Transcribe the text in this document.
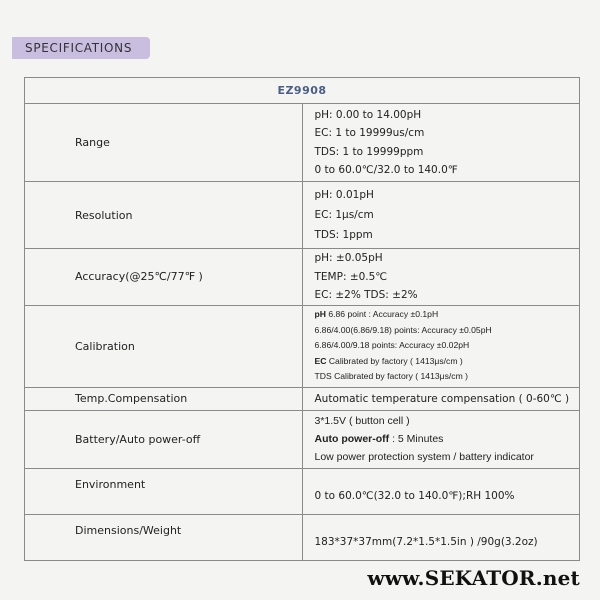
SPECIFICATIONS
EZ9908	
Range	pH: 0.00 to 14.00pH
EC: 1 to 19999us/cm
TDS: 1 to 19999ppm
0 to 60.0℃/32.0 to 140.0℉

Resolution	pH: 0.01pH
EC: 1μs/cm
TDS: 1ppm

Accuracy(@25℃/77℉ )	pH: ±0.05pH
TEMP: ±0.5℃
EC: ±2% TDS: ±2%

Calibration	pH 6.86 point : Accuracy ±0.1pH
6.86/4.00(6.86/9.18) points: Accuracy ±0.05pH
6.86/4.00/9.18 points: Accuracy ±0.02pH
EC Calibrated by factory ( 1413μs/cm )
TDS Calibrated by factory ( 1413μs/cm )

Temp.Compensation	Automatic temperature compensation ( 0-60℃ )

Battery/Auto power-off	3*1.5V ( button cell )
Auto power-off : 5 Minutes
Low power protection system / battery indicator

Environment	0 to 60.0℃(32.0 to 140.0℉);RH 100%

Dimensions/Weight	183*37*37mm(7.2*1.5*1.5in ) /90g(3.2oz)
www.SEKATOR.net
